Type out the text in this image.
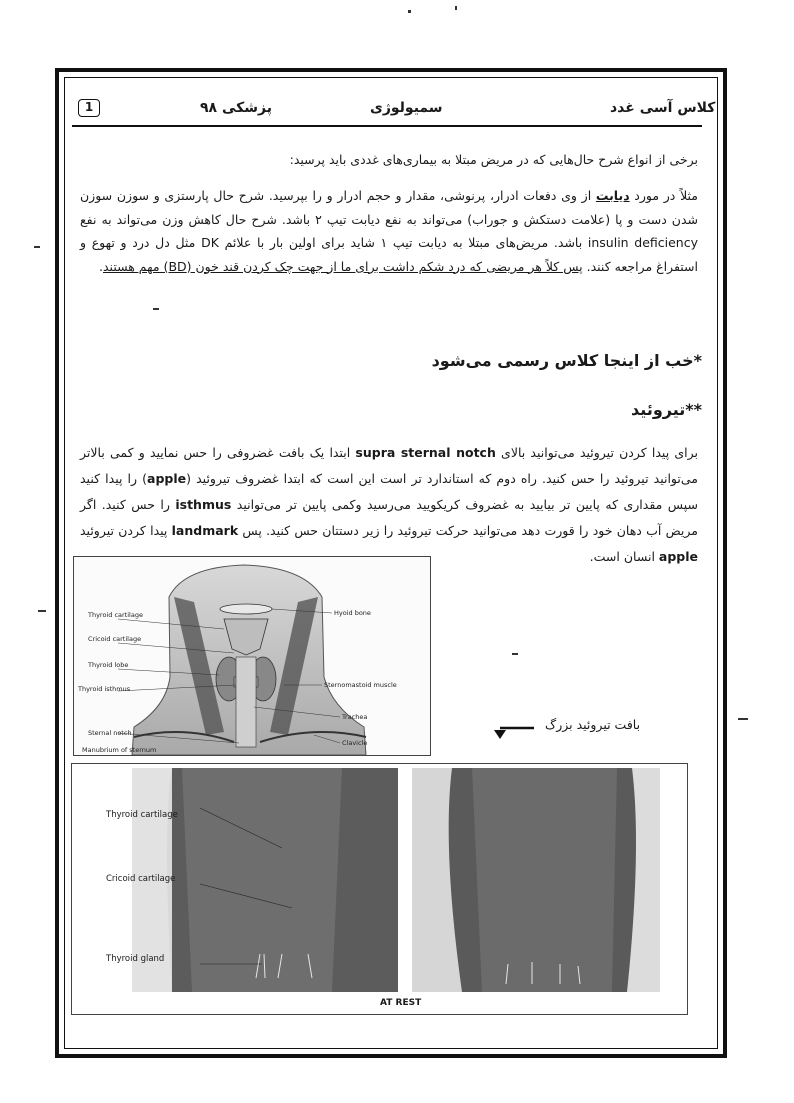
1	پزشکی ۹۸	سمیولوژی	کلاس آسی غدد
برخی از انواع شرح حال‌هایی که در مریض مبتلا به بیماری‌های غددی باید پرسید:
مثلاً در مورد دیابت از وی دفعات ادرار، پرنوشی، مقدار و حجم ادرار و را بپرسید. شرح حال پارستزی و سوزن سوزن شدن دست و پا (علامت دستکش و جوراب) می‌تواند به نفع دیابت تیپ ۲ باشد. شرح حال کاهش وزن می‌تواند به نفع insulin deficiency باشد. مریض‌های مبتلا به دیابت تیپ ۱ شاید برای اولین بار با علائم DK مثل دل درد و تهوع و استفراغ مراجعه کنند. پس کلاً هر مریضی که درد شکم داشت برای ما از جهت چک کردن قند خون (BD) مهم هستند.
*خب از اینجا کلاس رسمی می‌شود
**تیروئید
برای پیدا کردن تیروئید می‌توانید بالای supra sternal notch ابتدا یک بافت غضروفی را حس نمایید و کمی بالاتر می‌توانید تیروئید را حس کنید. راه دوم که استاندارد تر است این است که ابتدا غضروف تیروئید (apple) را پیدا کنید سپس مقداری که پایین تر بیایید به غضروف کریکویید می‌رسید وکمی پایین تر می‌توانید isthmus را حس کنید. اگر مریض آب دهان خود را قورت دهد می‌توانید حرکت تیروئید را زیر دستتان حس کنید. پس landmark پیدا کردن تیروئید apple انسان است.
Thyroid cartilage
Cricoid cartilage
Thyroid lobe
Thyroid isthmus
Sternal notch
Manubrium of sternum
Hyoid bone
Sternomastoid muscle
Trachea
Clavicle
بافت تیروئید بزرگ
Thyroid cartilage
Cricoid cartilage
Thyroid gland
AT REST
